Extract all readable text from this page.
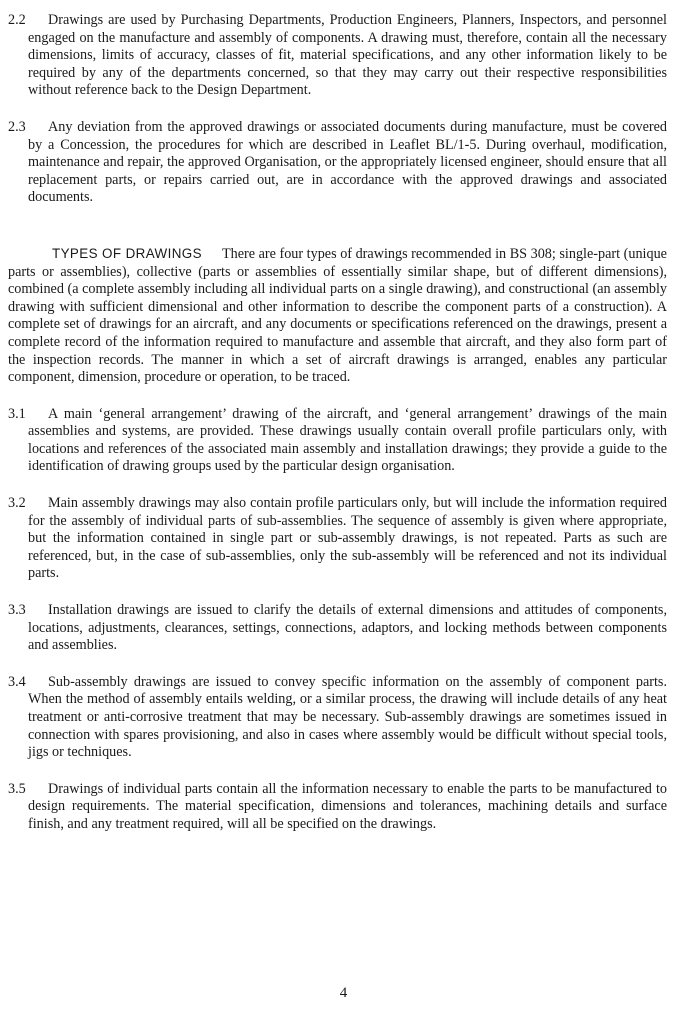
2.2 Drawings are used by Purchasing Departments, Production Engineers, Planners, Inspectors, and personnel engaged on the manufacture and assembly of components. A drawing must, therefore, contain all the necessary dimensions, limits of accuracy, classes of fit, material specifications, and any other information likely to be required by any of the departments concerned, so that they may carry out their respective responsibilities without reference back to the Design Department.

2.3 Any deviation from the approved drawings or associated documents during manufacture, must be covered by a Concession, the procedures for which are described in Leaflet BL/1-5. During overhaul, modification, maintenance and repair, the approved Organisation, or the appropriately licensed engineer, should ensure that all replacement parts, or repairs carried out, are in accordance with the approved drawings and associated documents.

TYPES OF DRAWINGS There are four types of drawings recommended in BS 308; single-part (unique parts or assemblies), collective (parts or assemblies of essentially similar shape, but of different dimensions), combined (a complete assembly including all individual parts on a single drawing), and constructional (an assembly drawing with sufficient dimensional and other information to describe the component parts of a construction). A complete set of drawings for an aircraft, and any documents or specifications referenced on the drawings, present a complete record of the information required to manufacture and assemble that aircraft, and they also form part of the inspection records. The manner in which a set of aircraft drawings is arranged, enables any particular component, dimension, procedure or operation, to be traced.

3.1 A main ‘general arrangement’ drawing of the aircraft, and ‘general arrangement’ drawings of the main assemblies and systems, are provided. These drawings usually contain overall profile particulars only, with locations and references of the associated main assembly and installation drawings; they provide a guide to the identification of drawing groups used by the particular design organisation.

3.2 Main assembly drawings may also contain profile particulars only, but will include the information required for the assembly of individual parts of sub-assemblies. The sequence of assembly is given where appropriate, but the information contained in single part or sub-assembly drawings, is not repeated. Parts as such are referenced, but, in the case of sub-assemblies, only the sub-assembly will be referenced and not its individual parts.

3.3 Installation drawings are issued to clarify the details of external dimensions and attitudes of components, locations, adjustments, clearances, settings, connections, adaptors, and locking methods between components and assemblies.

3.4 Sub-assembly drawings are issued to convey specific information on the assembly of component parts. When the method of assembly entails welding, or a similar process, the drawing will include details of any heat treatment or anti-corrosive treatment that may be necessary. Sub-assembly drawings are sometimes issued in connection with spares provisioning, and also in cases where assembly would be difficult without special tools, jigs or techniques.

3.5 Drawings of individual parts contain all the information necessary to enable the parts to be manufactured to design requirements. The material specification, dimensions and tolerances, machining details and surface finish, and any treatment required, will all be specified on the drawings.

4
